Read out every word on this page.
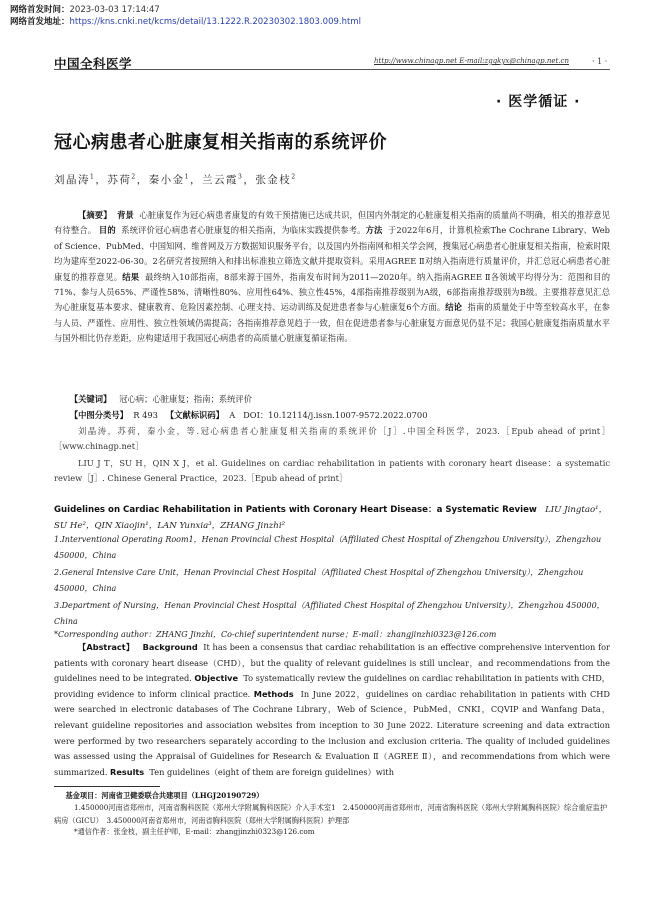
网络首发时间：2023-03-03 17:14:47
网络首发地址：https://kns.cnki.net/kcms/detail/13.1222.R.20230302.1803.009.html
中国全科医学	http://www.chinagp.net E-mail:zgqkyx@chinagp.net.cn	· 1 ·
· 医学循证 ·
冠心病患者心脏康复相关指南的系统评价
刘晶涛$^1$，苏荷$^2$，秦小金$^1$，兰云霞$^3$，张金枝$^2$
【摘要】 背景 心脏康复作为冠心病患者康复的有效干预措施已达成共识，但国内外制定的心脏康复相关指南的质量尚不明确，相关的推荐意见有待整合。 目的 系统评价冠心病患者心脏康复的相关指南，为临床实践提供参考。方法 于2022年6月，计算机检索The Cochrane Library、Web of Science、PubMed、中国知网、维普网及万方数据知识服务平台，以及国内外指南网和相关学会网，搜集冠心病患者心脏康复相关指南，检索时限均为建库至2022-06-30。2名研究者按照纳入和排出标准独立筛选文献并提取资料。采用AGREE Ⅱ对纳入指南进行质量评价，并汇总冠心病患者心脏康复的推荐意见。结果 最终纳入10部指南，8部来源于国外，指南发布时间为2011—2020年。纳入指南AGREE Ⅱ各领域平均得分为：范围和目的71%、参与人员65%、严谨性58%、清晰性80%、应用性64%、独立性45%，4部指南推荐级别为A级，6部指南推荐级别为B级。主要推荐意见汇总为心脏康复基本要求、健康教育、危险因素控制、心理支持、运动训练及促进患者参与心脏康复6个方面。结论 指南的质量处于中等至较高水平，在参与人员、严谨性、应用性、独立性领域仍需提高；各指南推荐意见趋于一致，但在促进患者参与心脏康复方面意见仍显不足；我国心脏康复指南质量水平与国外相比仍存差距，应构建适用于我国冠心病患者的高质量心脏康复循证指南。
【关键词】 冠心病；心脏康复；指南；系统评价
【中图分类号】 R 493 【文献标识码】 A DOI：10.12114/j.issn.1007-9572.2022.0700
刘晶涛，苏荷，秦小金，等.冠心病患者心脏康复相关指南的系统评价［J］.中国全科医学，2023.［Epub ahead of print］［www.chinagp.net］
LIU J T，SU H，QIN X J，et al. Guidelines on cardiac rehabilitation in patients with coronary heart disease：a systematic review［J］. Chinese General Practice，2023.［Epub ahead of print］
Guidelines on Cardiac Rehabilitation in Patients with Coronary Heart Disease：a Systematic Review LIU Jingtao¹，SU He²，QIN Xiaojin¹，LAN Yunxia³，ZHANG Jinzhi²
1.Interventional Operating Room1，Henan Provincial Chest Hospital（Affiliated Chest Hospital of Zhengzhou University），Zhengzhou 450000，China
2.General Intensive Care Unit，Henan Provincial Chest Hospital（Affiliated Chest Hospital of Zhengzhou University），Zhengzhou 450000，China
3.Department of Nursing，Henan Provincial Chest Hospital（Affiliated Chest Hospital of Zhengzhou University），Zhengzhou 450000，China
*Corresponding author：ZHANG Jinzhi，Co-chief superintendent nurse；E-mail：zhangjinzhi0323@126.com
【Abstract】 Background It has been a consensus that cardiac rehabilitation is an effective comprehensive intervention for patients with coronary heart disease（CHD），but the quality of relevant guidelines is still unclear，and recommendations from the guidelines need to be integrated. Objective To systematically review the guidelines on cardiac rehabilitation in patients with CHD，providing evidence to inform clinical practice. Methods In June 2022，guidelines on cardiac rehabilitation in patients with CHD were searched in electronic databases of The Cochrane Library，Web of Science，PubMed，CNKI，CQVIP and Wanfang Data，relevant guideline repositories and association websites from inception to 30 June 2022. Literature screening and data extraction were performed by two researchers separately according to the inclusion and exclusion criteria. The quality of included guidelines was assessed using the Appraisal of Guidelines for Research & Evaluation Ⅱ（AGREE Ⅱ），and recommendations from which were summarized. Results Ten guidelines（eight of them are foreign guidelines）with
基金项目：河南省卫健委联合共建项目（LHGJ20190729）
1.450000河南省郑州市，河南省胸科医院（郑州大学附属胸科医院）介入手术室1　2.450000河南省郑州市，河南省胸科医院（郑州大学附属胸科医院）综合重症监护病房（GICU）　3.450000河南省郑州市，河南省胸科医院（郑州大学附属胸科医院）护理部
*通信作者：张金枝，副主任护师，E-mail：zhangjinzhi0323@126.com
